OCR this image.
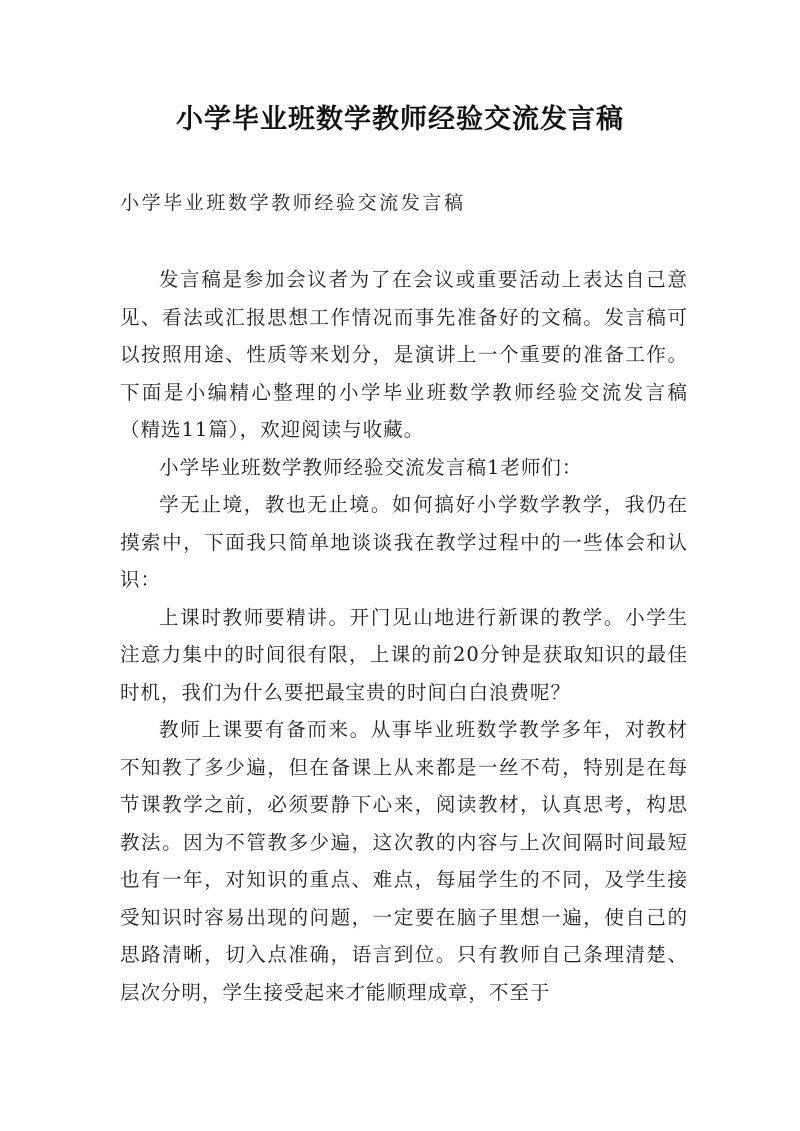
小学毕业班数学教师经验交流发言稿
小学毕业班数学教师经验交流发言稿

发言稿是参加会议者为了在会议或重要活动上表达自己意见、看法或汇报思想工作情况而事先准备好的文稿。发言稿可以按照用途、性质等来划分，是演讲上一个重要的准备工作。下面是小编精心整理的小学毕业班数学教师经验交流发言稿（精选11篇），欢迎阅读与收藏。

小学毕业班数学教师经验交流发言稿1老师们：

学无止境，教也无止境。如何搞好小学数学教学，我仍在摸索中，下面我只简单地谈谈我在教学过程中的一些体会和认识：

上课时教师要精讲。开门见山地进行新课的教学。小学生注意力集中的时间很有限，上课的前20分钟是获取知识的最佳时机，我们为什么要把最宝贵的时间白白浪费呢？

教师上课要有备而来。从事毕业班数学教学多年，对教材不知教了多少遍，但在备课上从来都是一丝不苟，特别是在每节课教学之前，必须要静下心来，阅读教材，认真思考，构思教法。因为不管教多少遍，这次教的内容与上次间隔时间最短也有一年，对知识的重点、难点，每届学生的不同，及学生接受知识时容易出现的问题，一定要在脑子里想一遍，使自己的思路清晰，切入点准确，语言到位。只有教师自己条理清楚、层次分明，学生接受起来才能顺理成章，不至于
